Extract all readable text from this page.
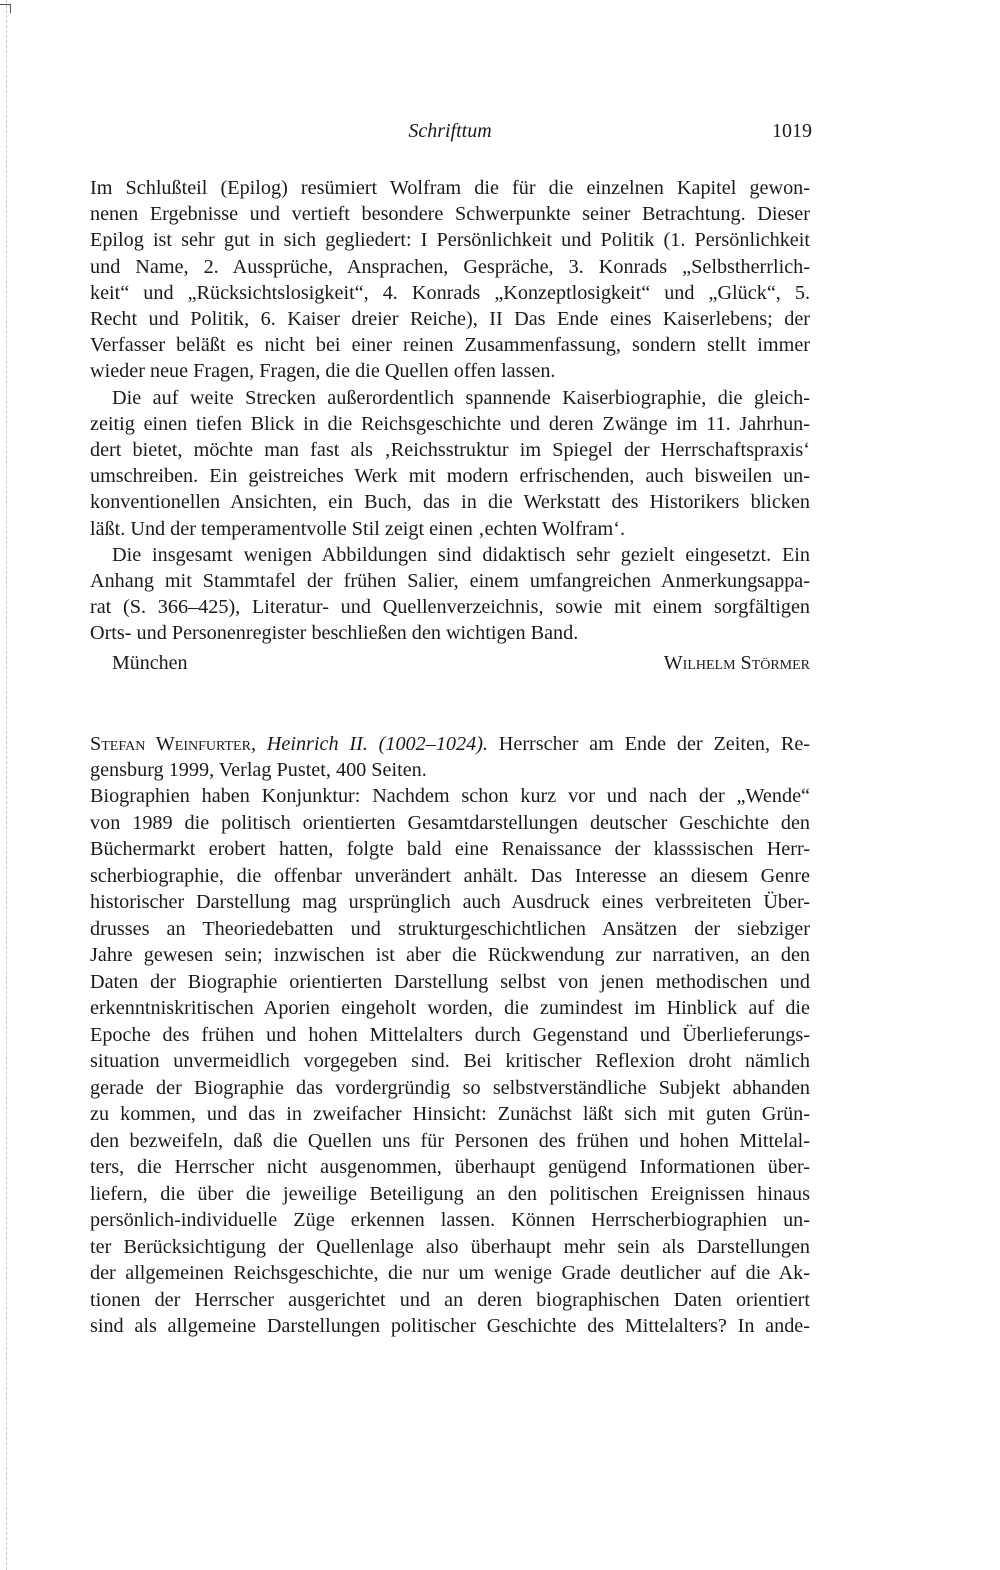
Schrifttum	1019
Im Schlußteil (Epilog) resümiert Wolfram die für die einzelnen Kapitel gewon-
nenen Ergebnisse und vertieft besondere Schwerpunkte seiner Betrachtung. Dieser
Epilog ist sehr gut in sich gegliedert: I Persönlichkeit und Politik (1. Persönlichkeit
und Name, 2. Aussprüche, Ansprachen, Gespräche, 3. Konrads „Selbstherrlich-
keit“ und „Rücksichtslosigkeit“, 4. Konrads „Konzeptlosigkeit“ und „Glück“, 5.
Recht und Politik, 6. Kaiser dreier Reiche), II Das Ende eines Kaiserlebens; der
Verfasser beläßt es nicht bei einer reinen Zusammenfassung, sondern stellt immer
wieder neue Fragen, Fragen, die die Quellen offen lassen.
Die auf weite Strecken außerordentlich spannende Kaiserbiographie, die gleich-
zeitig einen tiefen Blick in die Reichsgeschichte und deren Zwänge im 11. Jahrhun-
dert bietet, möchte man fast als ‚Reichsstruktur im Spiegel der Herrschaftspraxis‘
umschreiben. Ein geistreiches Werk mit modern erfrischenden, auch bisweilen un-
konventionellen Ansichten, ein Buch, das in die Werkstatt des Historikers blicken
läßt. Und der temperamentvolle Stil zeigt einen ‚echten Wolfram‘.
Die insgesamt wenigen Abbildungen sind didaktisch sehr gezielt eingesetzt. Ein
Anhang mit Stammtafel der frühen Salier, einem umfangreichen Anmerkungsappa-
rat (S. 366–425), Literatur- und Quellenverzeichnis, sowie mit einem sorgfältigen
Orts- und Personenregister beschließen den wichtigen Band.
München	Wilhelm Störmer
Stefan Weinfurter, Heinrich II. (1002–1024). Herrscher am Ende der Zeiten, Re-
gensburg 1999, Verlag Pustet, 400 Seiten.
Biographien haben Konjunktur: Nachdem schon kurz vor und nach der „Wende“
von 1989 die politisch orientierten Gesamtdarstellungen deutscher Geschichte den
Büchermarkt erobert hatten, folgte bald eine Renaissance der klasssischen Herr-
scherbiographie, die offenbar unverändert anhält. Das Interesse an diesem Genre
historischer Darstellung mag ursprünglich auch Ausdruck eines verbreiteten Über-
drusses an Theoriedebatten und strukturgeschichtlichen Ansätzen der siebziger
Jahre gewesen sein; inzwischen ist aber die Rückwendung zur narrativen, an den
Daten der Biographie orientierten Darstellung selbst von jenen methodischen und
erkenntniskritischen Aporien eingeholt worden, die zumindest im Hinblick auf die
Epoche des frühen und hohen Mittelalters durch Gegenstand und Überlieferungs-
situation unvermeidlich vorgegeben sind. Bei kritischer Reflexion droht nämlich
gerade der Biographie das vordergründig so selbstverständliche Subjekt abhanden
zu kommen, und das in zweifacher Hinsicht: Zunächst läßt sich mit guten Grün-
den bezweifeln, daß die Quellen uns für Personen des frühen und hohen Mittelal-
ters, die Herrscher nicht ausgenommen, überhaupt genügend Informationen über-
liefern, die über die jeweilige Beteiligung an den politischen Ereignissen hinaus
persönlich-individuelle Züge erkennen lassen. Können Herrscherbiographien un-
ter Berücksichtigung der Quellenlage also überhaupt mehr sein als Darstellungen
der allgemeinen Reichsgeschichte, die nur um wenige Grade deutlicher auf die Ak-
tionen der Herrscher ausgerichtet und an deren biographischen Daten orientiert
sind als allgemeine Darstellungen politischer Geschichte des Mittelalters? In ande-
